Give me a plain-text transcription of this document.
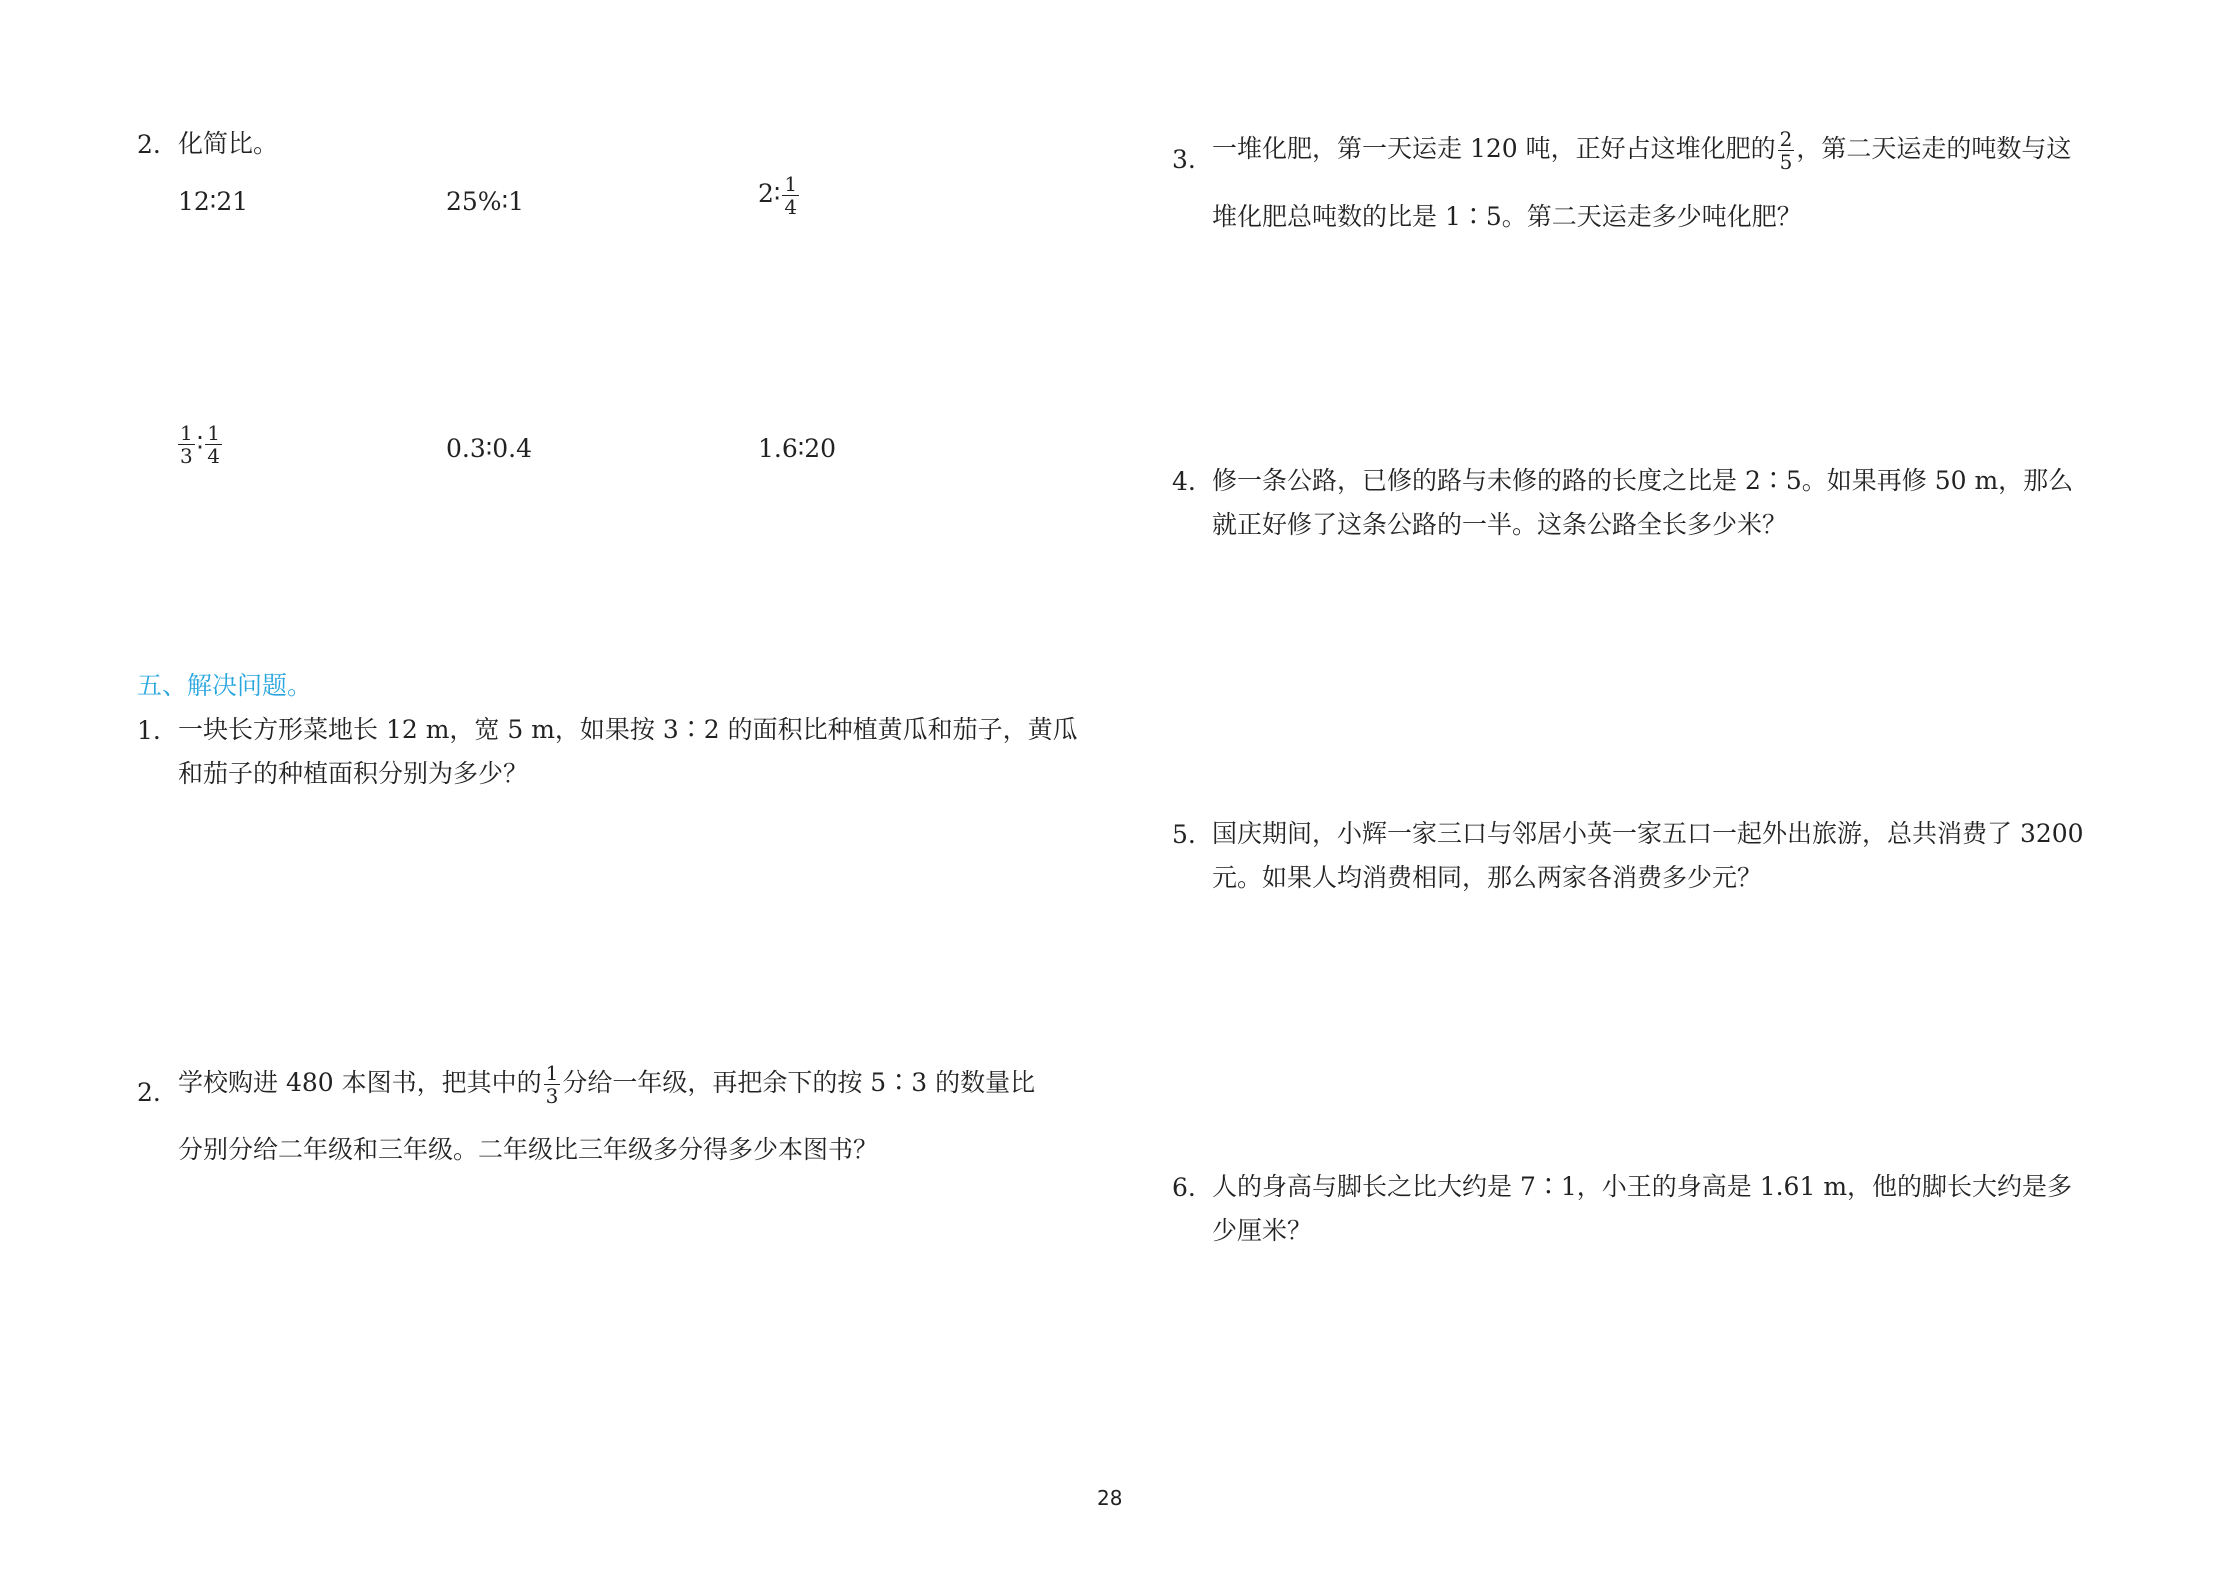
2. 化简比。
12∶21	25%∶1	2∶ $\frac{1}{4}$
$\frac{1}{3}$ ∶ $\frac{1}{4}$	0.3∶0.4	1.6∶20
五、解决问题。
1. 一块长方形菜地长 12 m，宽 5 m，如果按 3∶2 的面积比种植黄瓜和茄子，黄瓜
和茄子的种植面积分别为多少？
2. 学校购进 480 本图书，把其中的 $\frac{1}{3}$ 分给一年级，再把余下的按 5∶3 的数量比
分别分给二年级和三年级。二年级比三年级多分得多少本图书？
3. 一堆化肥，第一天运走 120 吨，正好占这堆化肥的 $\frac{2}{5}$ ，第二天运走的吨数与这
堆化肥总吨数的比是 1∶5。第二天运走多少吨化肥？
4. 修一条公路，已修的路与未修的路的长度之比是 2∶5。如果再修 50 m，那么
就正好修了这条公路的一半。这条公路全长多少米？
5. 国庆期间，小辉一家三口与邻居小英一家五口一起外出旅游，总共消费了 3200
元。如果人均消费相同，那么两家各消费多少元？
6. 人的身高与脚长之比大约是 7∶1，小王的身高是 1.61 m，他的脚长大约是多
少厘米？
28
